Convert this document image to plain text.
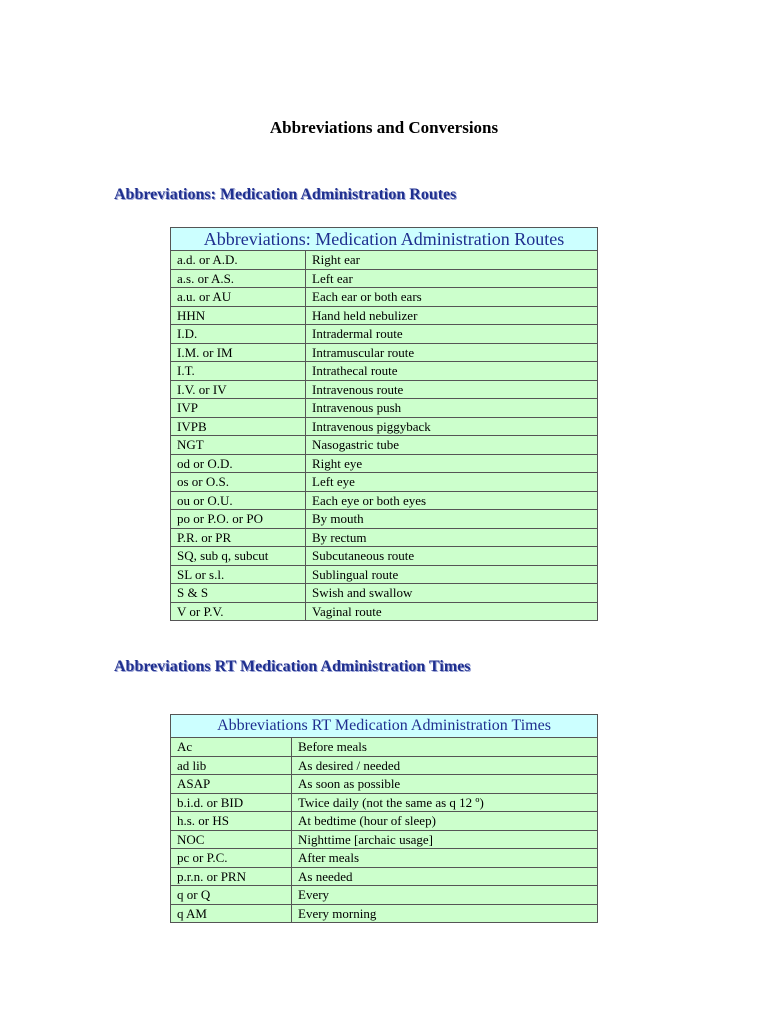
Abbreviations and Conversions
Abbreviations: Medication Administration Routes
Abbreviations: Medication Administration Routes	
a.d. or A.D.	Right ear
a.s. or A.S.	Left ear
a.u. or AU	Each ear or both ears
HHN	Hand held nebulizer
I.D.	Intradermal route
I.M. or IM	Intramuscular route
I.T.	Intrathecal route
I.V. or IV	Intravenous route
IVP	Intravenous push
IVPB	Intravenous piggyback
NGT	Nasogastric tube
od or O.D.	Right eye
os or O.S.	Left eye
ou or O.U.	Each eye or both eyes
po or P.O. or PO	By mouth
P.R. or PR	By rectum
SQ, sub q, subcut	Subcutaneous route
SL or s.l.	Sublingual route
S & S	Swish and swallow
V or P.V.	Vaginal route
Abbreviations RT Medication Administration Times
Abbreviations RT Medication Administration Times	
Ac	Before meals
ad lib	As desired / needed
ASAP	As soon as possible
b.i.d. or BID	Twice daily (not the same as q 12 º)
h.s. or HS	At bedtime (hour of sleep)
NOC	Nighttime [archaic usage]
pc or P.C.	After meals
p.r.n. or PRN	As needed
q or Q	Every
q AM	Every morning
